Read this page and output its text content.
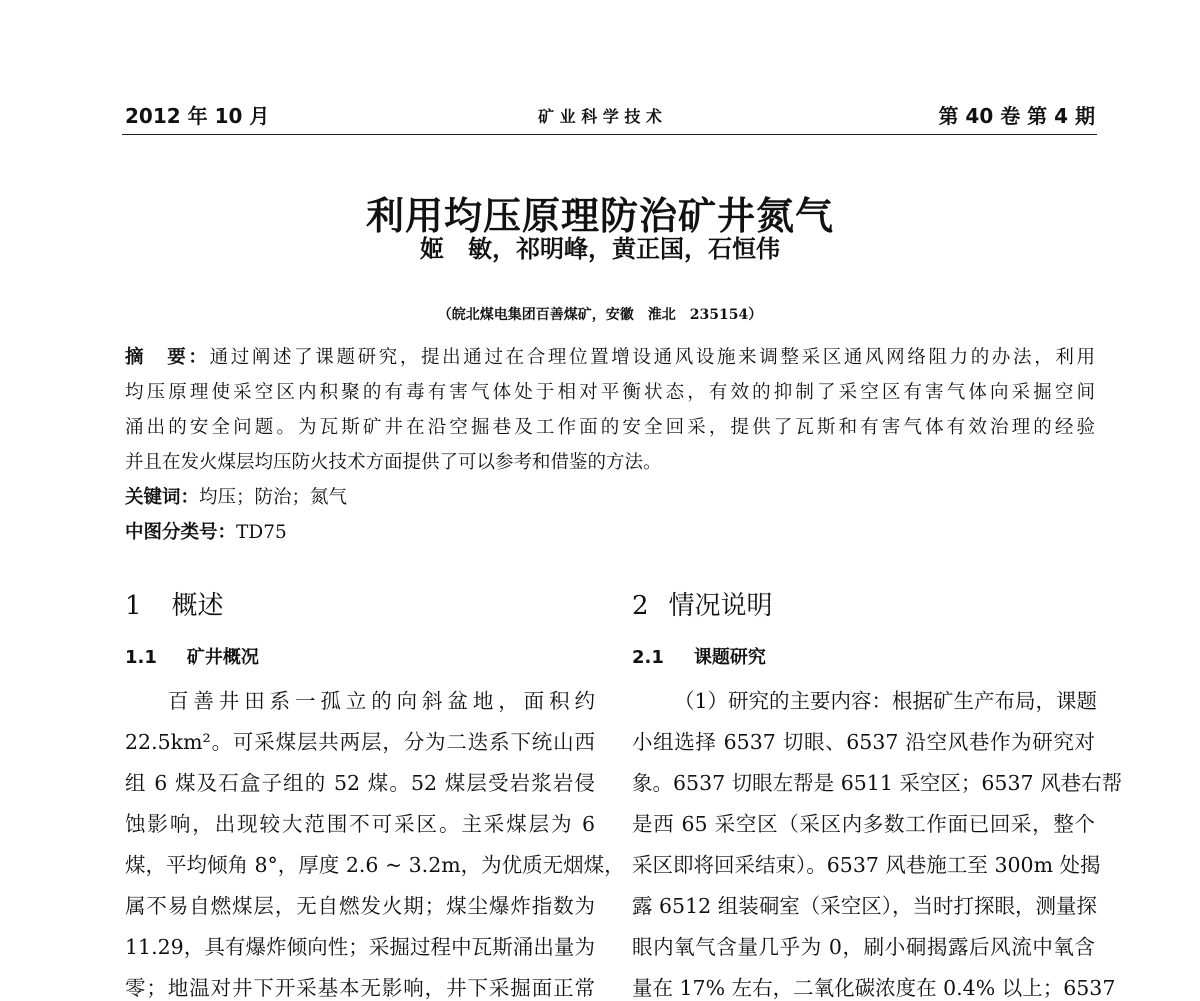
2012 年 10 月	矿 业 科 学 技 术	第 40 卷 第 4 期
利用均压原理防治矿井氮气
姬　敏，祁明峰，黄正国，石恒伟
（皖北煤电集团百善煤矿，安徽　淮北　235154）
摘　要：通过阐述了课题研究，提出通过在合理位置增设通风设施来调整采区通风网络阻力的办法，利用
均压原理使采空区内积聚的有毒有害气体处于相对平衡状态，有效的抑制了采空区有害气体向采掘空间
涌出的安全问题。为瓦斯矿井在沿空掘巷及工作面的安全回采，提供了瓦斯和有害气体有效治理的经验
并且在发火煤层均压防火技术方面提供了可以参考和借鉴的方法。
关键词：均压；防治；氮气
中图分类号：TD75
1 概述
1.1 矿井概况
百善井田系一孤立的向斜盆地，面积约
22.5km²。可采煤层共两层，分为二迭系下统山西
组 6 煤及石盒子组的 52 煤。52 煤层受岩浆岩侵
蚀影响，出现较大范围不可采区。主采煤层为 6
煤，平均倾角 8°，厚度 2.6 ~ 3.2m，为优质无烟煤，
属不易自燃煤层，无自燃发火期；煤尘爆炸指数为
11.29，具有爆炸倾向性；采掘过程中瓦斯涌出量为
零；地温对井下开采基本无影响，井下采掘面正常
2 情况说明
2.1 课题研究
（1）研究的主要内容：根据矿生产布局，课题
小组选择 6537 切眼、6537 沿空风巷作为研究对
象。6537 切眼左帮是 6511 采空区；6537 风巷右帮
是西 65 采空区（采区内多数工作面已回采，整个
采区即将回采结束）。6537 风巷施工至 300m 处揭
露 6512 组装硐室（采空区），当时打探眼，测量探
眼内氧气含量几乎为 0，刷小硐揭露后风流中氧含
量在 17% 左右，二氧化碳浓度在 0.4% 以上；6537
